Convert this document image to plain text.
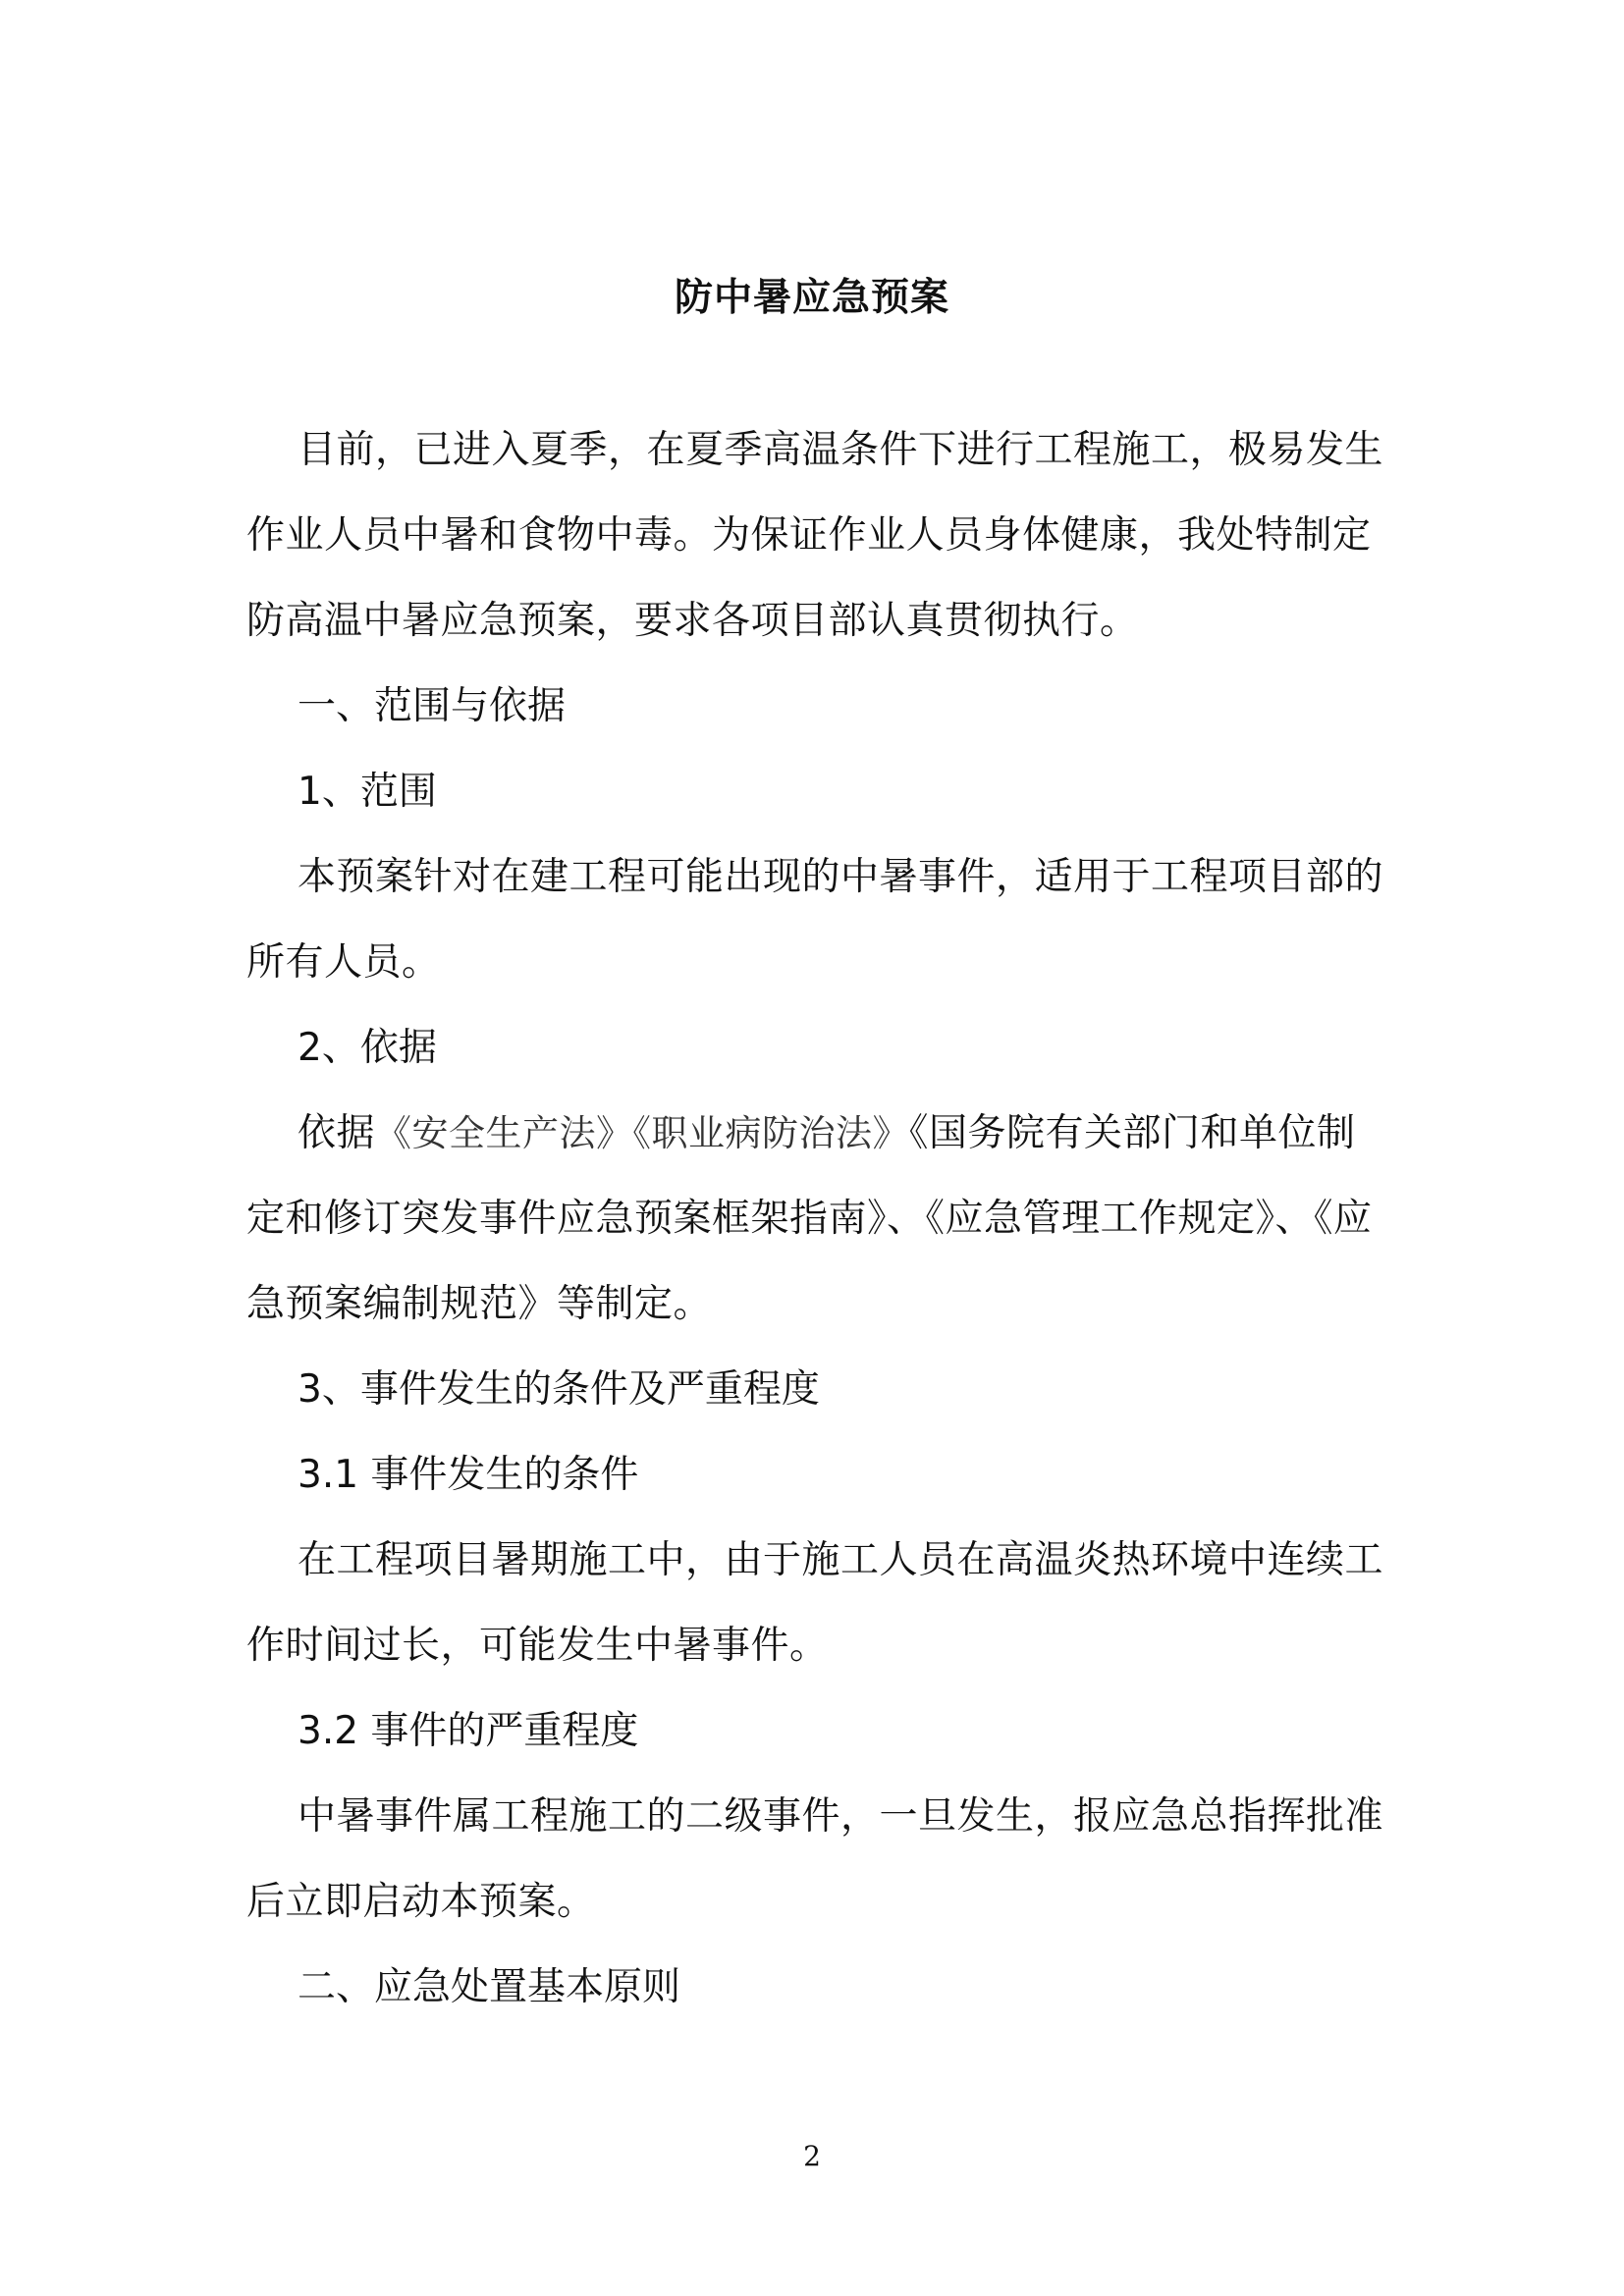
防中暑应急预案

目前，已进入夏季，在夏季高温条件下进行工程施工，极易发生作业人员中暑和食物中毒。为保证作业人员身体健康，我处特制定防高温中暑应急预案，要求各项目部认真贯彻执行。

一、范围与依据

1、范围

本预案针对在建工程可能出现的中暑事件，适用于工程项目部的所有人员。

2、依据

依据《安全生产法》《职业病防治法》《国务院有关部门和单位制定和修订突发事件应急预案框架指南》、《应急管理工作规定》、《应急预案编制规范》等制定。

3、事件发生的条件及严重程度

3.1 事件发生的条件

在工程项目暑期施工中，由于施工人员在高温炎热环境中连续工作时间过长，可能发生中暑事件。

3.2 事件的严重程度

中暑事件属工程施工的二级事件，一旦发生，报应急总指挥批准后立即启动本预案。

二、应急处置基本原则

2
